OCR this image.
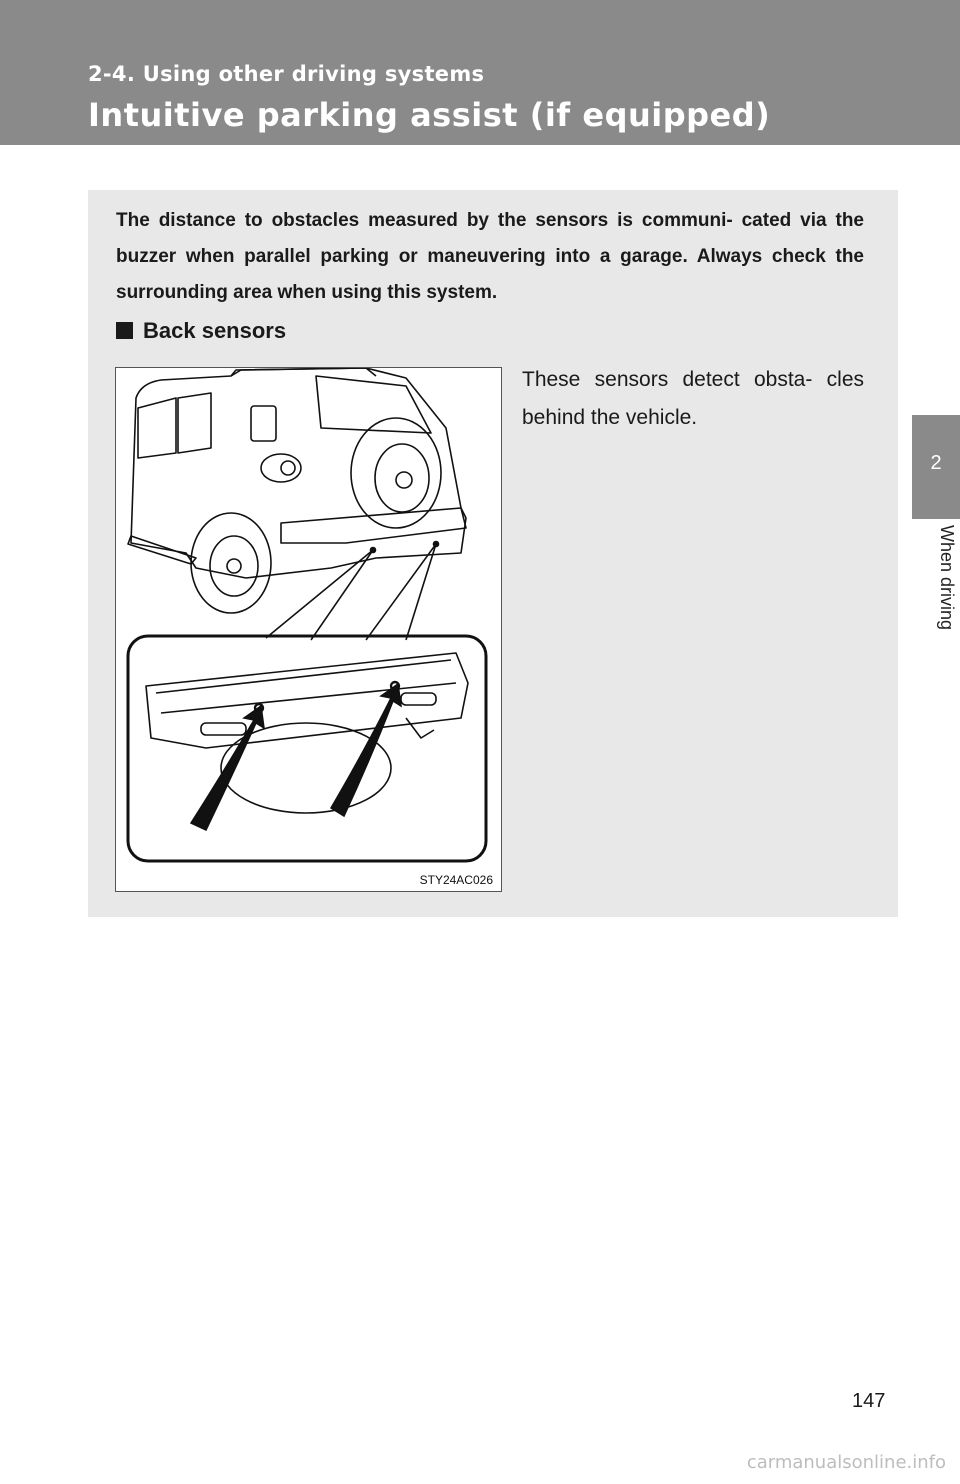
2-4. Using other driving systems
Intuitive parking assist (if equipped)
2
When driving
The distance to obstacles measured by the sensors is communi- cated via the buzzer when parallel parking or maneuvering into a garage. Always check the surrounding area when using this system.
Back sensors
STY24AC026
These sensors detect obsta- cles behind the vehicle.
147
carmanualsonline.info
